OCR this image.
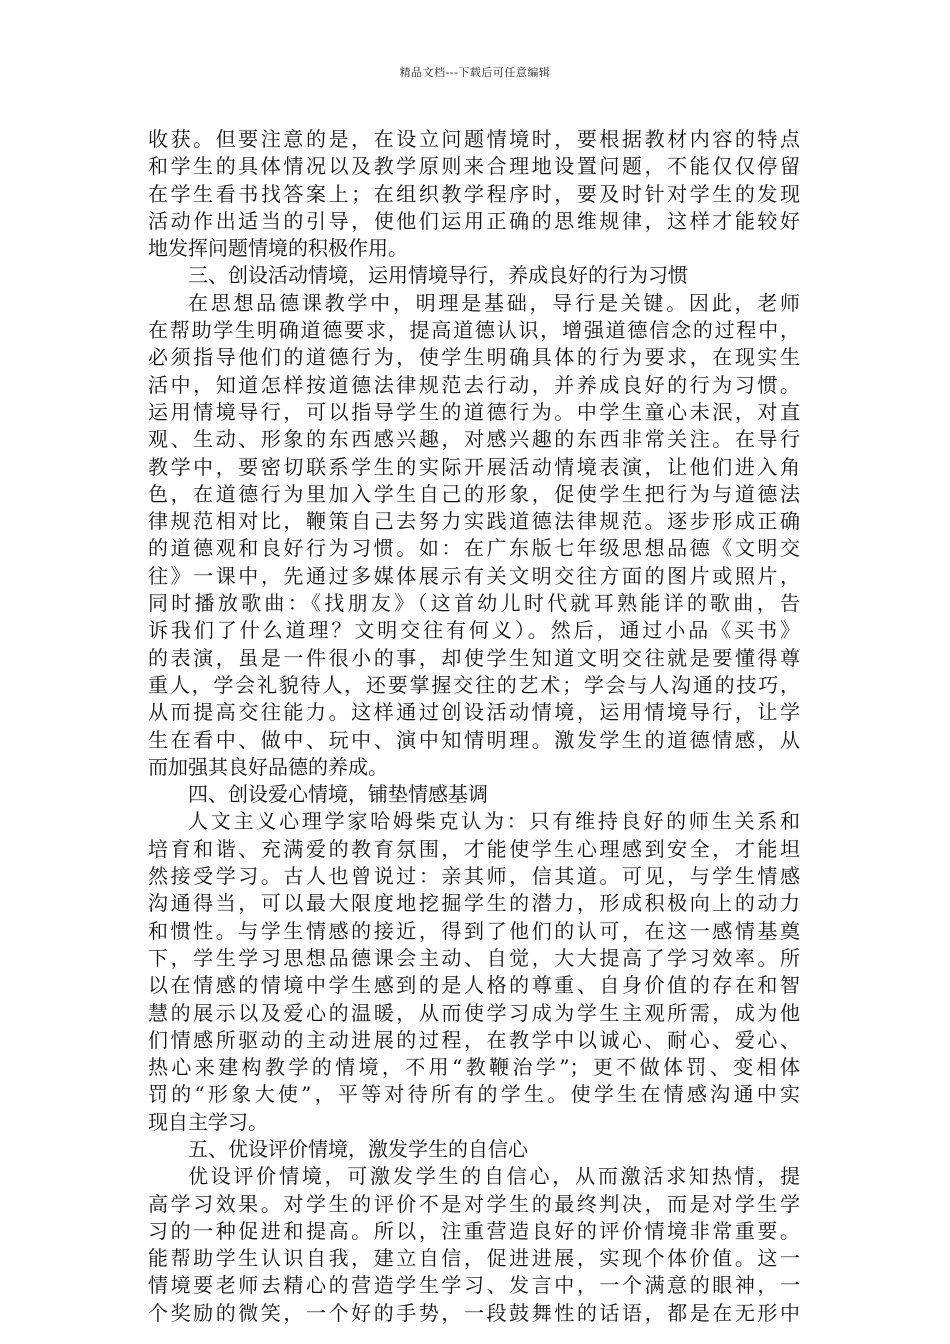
精品文档---下载后可任意编辑
收获。但要注意的是，在设立问题情境时，要根据教材内容的特点
和学生的具体情况以及教学原则来合理地设置问题，不能仅仅停留
在学生看书找答案上；在组织教学程序时，要及时针对学生的发现
活动作出适当的引导，使他们运用正确的思维规律，这样才能较好
地发挥问题情境的积极作用。
三、创设活动情境，运用情境导行，养成良好的行为习惯
在思想品德课教学中，明理是基础，导行是关键。因此，老师
在帮助学生明确道德要求，提高道德认识，增强道德信念的过程中，
必须指导他们的道德行为，使学生明确具体的行为要求，在现实生
活中，知道怎样按道德法律规范去行动，并养成良好的行为习惯。
运用情境导行，可以指导学生的道德行为。中学生童心未泯，对直
观、生动、形象的东西感兴趣，对感兴趣的东西非常关注。在导行
教学中，要密切联系学生的实际开展活动情境表演，让他们进入角
色，在道德行为里加入学生自己的形象，促使学生把行为与道德法
律规范相对比，鞭策自己去努力实践道德法律规范。逐步形成正确
的道德观和良好行为习惯。如：在广东版七年级思想品德《文明交
往》一课中，先通过多媒体展示有关文明交往方面的图片或照片，
同时播放歌曲：《找朋友》（这首幼儿时代就耳熟能详的歌曲，告
诉我们了什么道理？文明交往有何义）。然后，通过小品《买书》
的表演，虽是一件很小的事，却使学生知道文明交往就是要懂得尊
重人，学会礼貌待人，还要掌握交往的艺术；学会与人沟通的技巧，
从而提高交往能力。这样通过创设活动情境，运用情境导行，让学
生在看中、做中、玩中、演中知情明理。激发学生的道德情感，从
而加强其良好品德的养成。
四、创设爱心情境，铺垫情感基调
人文主义心理学家哈姆柴克认为：只有维持良好的师生关系和
培育和谐、充满爱的教育氛围，才能使学生心理感到安全，才能坦
然接受学习。古人也曾说过：亲其师，信其道。可见，与学生情感
沟通得当，可以最大限度地挖掘学生的潜力，形成积极向上的动力
和惯性。与学生情感的接近，得到了他们的认可，在这一感情基奠
下，学生学习思想品德课会主动、自觉，大大提高了学习效率。所
以在情感的情境中学生感到的是人格的尊重、自身价值的存在和智
慧的展示以及爱心的温暖，从而使学习成为学生主观所需，成为他
们情感所驱动的主动进展的过程，在教学中以诚心、耐心、爱心、
热心来建构教学的情境，不用“教鞭治学”；更不做体罚、变相体
罚的“形象大使”，平等对待所有的学生。使学生在情感沟通中实
现自主学习。
五、优设评价情境，激发学生的自信心
优设评价情境，可激发学生的自信心，从而激活求知热情，提
高学习效果。对学生的评价不是对学生的最终判决，而是对学生学
习的一种促进和提高。所以，注重营造良好的评价情境非常重要。
能帮助学生认识自我，建立自信，促进进展，实现个体价值。这一
情境要老师去精心的营造学生学习、发言中，一个满意的眼神，一
个奖励的微笑，一个好的手势，一段鼓舞性的话语，都是在无形中
